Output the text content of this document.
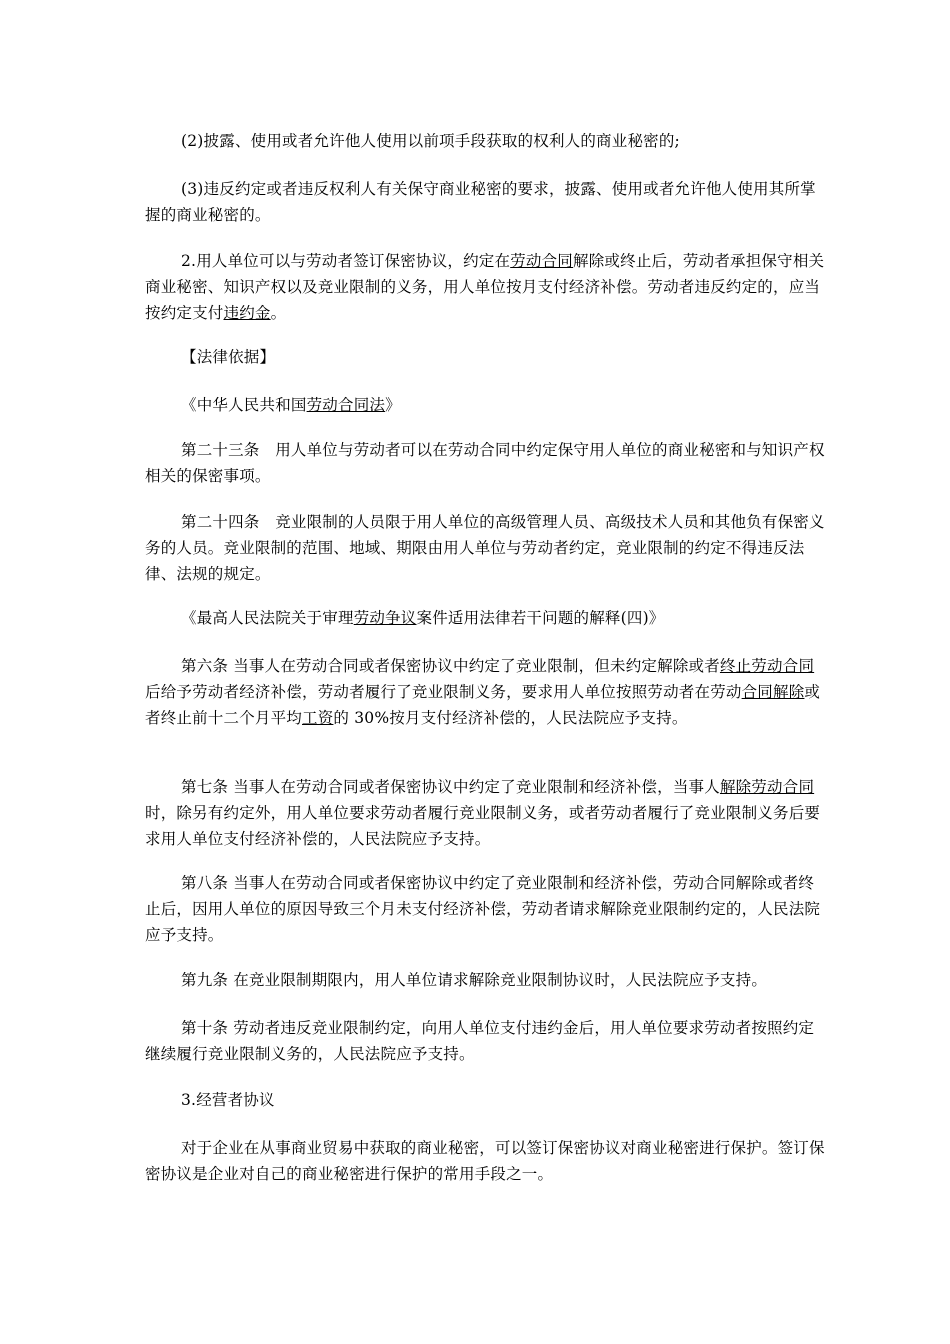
(2)披露、使用或者允许他人使用以前项手段获取的权利人的商业秘密的;

(3)违反约定或者违反权利人有关保守商业秘密的要求，披露、使用或者允许他人使用其所掌握的商业秘密的。

2.用人单位可以与劳动者签订保密协议，约定在劳动合同解除或终止后，劳动者承担保守相关商业秘密、知识产权以及竞业限制的义务，用人单位按月支付经济补偿。劳动者违反约定的，应当按约定支付违约金。

【法律依据】

《中华人民共和国劳动合同法》

第二十三条　用人单位与劳动者可以在劳动合同中约定保守用人单位的商业秘密和与知识产权相关的保密事项。

第二十四条　竞业限制的人员限于用人单位的高级管理人员、高级技术人员和其他负有保密义务的人员。竞业限制的范围、地域、期限由用人单位与劳动者约定，竞业限制的约定不得违反法律、法规的规定。

《最高人民法院关于审理劳动争议案件适用法律若干问题的解释(四)》

第六条 当事人在劳动合同或者保密协议中约定了竞业限制，但未约定解除或者终止劳动合同后给予劳动者经济补偿，劳动者履行了竞业限制义务，要求用人单位按照劳动者在劳动合同解除或者终止前十二个月平均工资的 30%按月支付经济补偿的，人民法院应予支持。

第七条 当事人在劳动合同或者保密协议中约定了竞业限制和经济补偿，当事人解除劳动合同时，除另有约定外，用人单位要求劳动者履行竞业限制义务，或者劳动者履行了竞业限制义务后要求用人单位支付经济补偿的，人民法院应予支持。

第八条 当事人在劳动合同或者保密协议中约定了竞业限制和经济补偿，劳动合同解除或者终止后，因用人单位的原因导致三个月未支付经济补偿，劳动者请求解除竞业限制约定的，人民法院应予支持。

第九条 在竞业限制期限内，用人单位请求解除竞业限制协议时，人民法院应予支持。

第十条 劳动者违反竞业限制约定，向用人单位支付违约金后，用人单位要求劳动者按照约定继续履行竞业限制义务的，人民法院应予支持。

3.经营者协议

对于企业在从事商业贸易中获取的商业秘密，可以签订保密协议对商业秘密进行保护。签订保密协议是企业对自己的商业秘密进行保护的常用手段之一。
